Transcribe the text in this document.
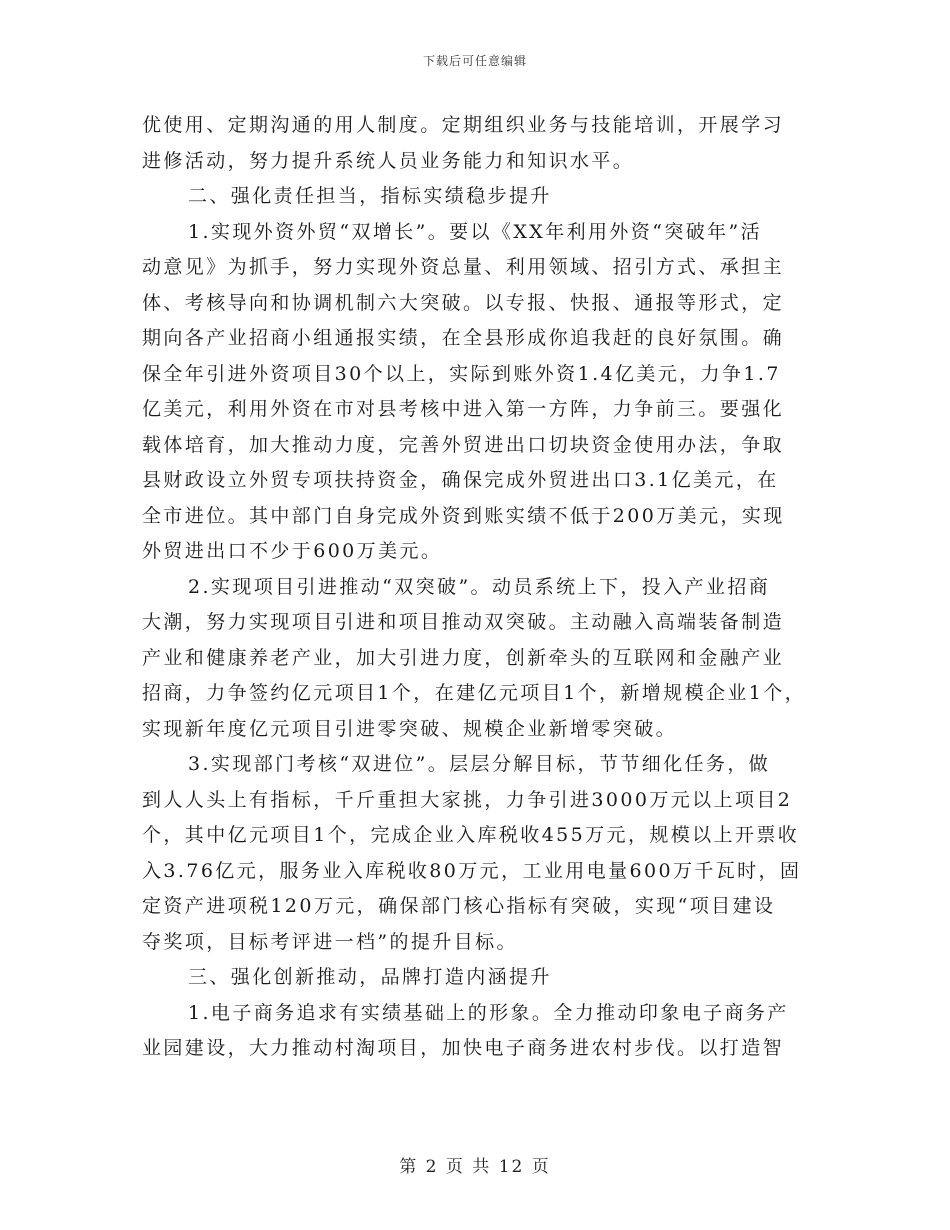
下载后可任意编辑
优使用、定期沟通的用人制度。定期组织业务与技能培训，开展学习
进修活动，努力提升系统人员业务能力和知识水平。
二、强化责任担当，指标实绩稳步提升
1.实现外资外贸“双增长”。要以《XX年利用外资“突破年”活
动意见》为抓手，努力实现外资总量、利用领域、招引方式、承担主
体、考核导向和协调机制六大突破。以专报、快报、通报等形式，定
期向各产业招商小组通报实绩，在全县形成你追我赶的良好氛围。确
保全年引进外资项目30个以上，实际到账外资1.4亿美元，力争1.7
亿美元，利用外资在市对县考核中进入第一方阵，力争前三。要强化
载体培育，加大推动力度，完善外贸进出口切块资金使用办法，争取
县财政设立外贸专项扶持资金，确保完成外贸进出口3.1亿美元，在
全市进位。其中部门自身完成外资到账实绩不低于200万美元，实现
外贸进出口不少于600万美元。
2.实现项目引进推动“双突破”。动员系统上下，投入产业招商
大潮，努力实现项目引进和项目推动双突破。主动融入高端装备制造
产业和健康养老产业，加大引进力度，创新牵头的互联网和金融产业
招商，力争签约亿元项目1个，在建亿元项目1个，新增规模企业1个，
实现新年度亿元项目引进零突破、规模企业新增零突破。
3.实现部门考核“双进位”。层层分解目标，节节细化任务，做
到人人头上有指标，千斤重担大家挑，力争引进3000万元以上项目2
个，其中亿元项目1个，完成企业入库税收455万元，规模以上开票收
入3.76亿元，服务业入库税收80万元，工业用电量600万千瓦时，固
定资产进项税120万元，确保部门核心指标有突破，实现“项目建设
夺奖项，目标考评进一档”的提升目标。
三、强化创新推动，品牌打造内涵提升
1.电子商务追求有实绩基础上的形象。全力推动印象电子商务产
业园建设，大力推动村淘项目，加快电子商务进农村步伐。以打造智
第 2 页 共 12 页
